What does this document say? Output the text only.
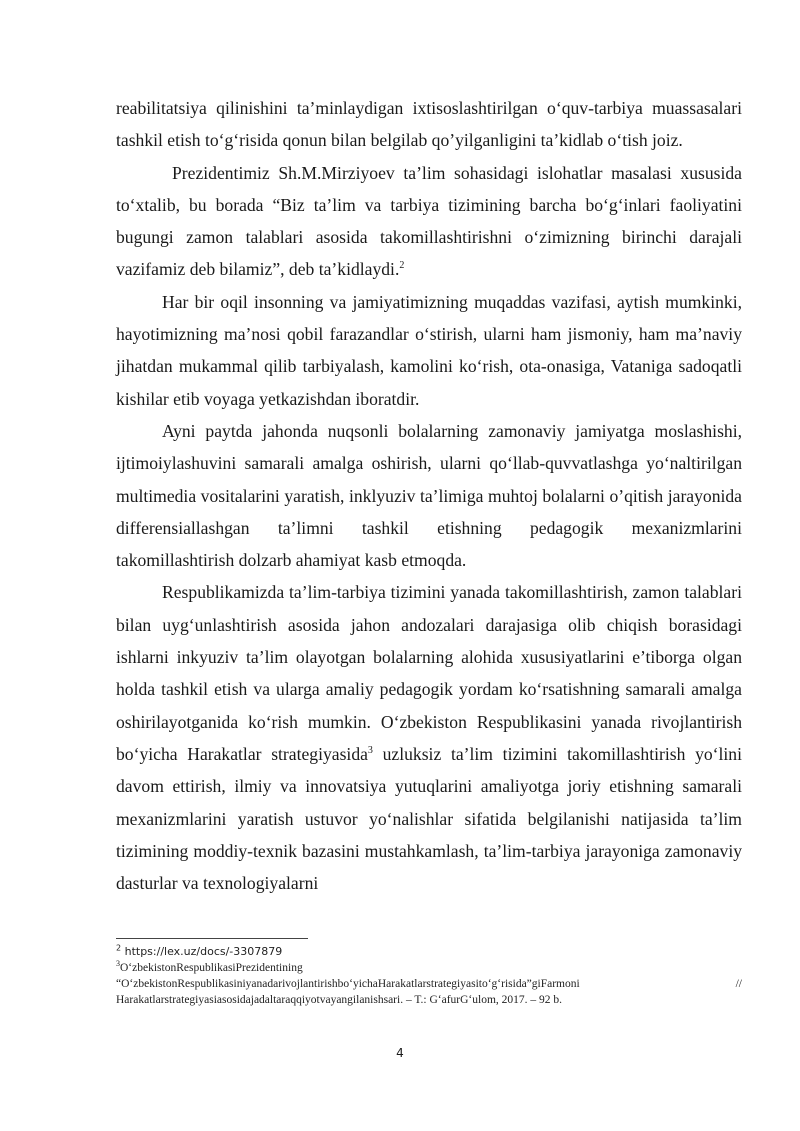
reabilitatsiya qilinishini ta’minlaydigan ixtisoslashtirilgan o‘quv-tarbiya muassasalari tashkil etish to‘g‘risida qonun bilan belgilab qo’yilganligini ta’kidlab o‘tish joiz.

Prezidentimiz Sh.M.Mirziyoev ta’lim sohasidagi islohatlar masalasi xususida to‘xtalib, bu borada “Biz ta’lim va tarbiya tizimining barcha bo‘g‘inlari faoliyatini bugungi zamon talablari asosida takomillashtirishni o‘zimizning birinchi darajali vazifamiz deb bilamiz”, deb ta’kidlaydi.$^2$

Har bir oqil insonning va jamiyatimizning muqaddas vazifasi, aytish mumkinki, hayotimizning ma’nosi qobil farazandlar o‘stirish, ularni ham jismoniy, ham ma’naviy jihatdan mukammal qilib tarbiyalash, kamolini ko‘rish, ota-onasiga, Vataniga sadoqatli kishilar etib voyaga yetkazishdan iboratdir.

Ayni paytda jahonda nuqsonli bolalarning zamonaviy jamiyatga moslashishi, ijtimoiylashuvini samarali amalga oshirish, ularni qo‘llab-quvvatlashga yo‘naltirilgan multimedia vositalarini yaratish, inklyuziv ta’limiga muhtoj bolalarni o’qitish jarayonida differensiallashgan ta’limni tashkil etishning pedagogik mexanizmlarini takomillashtirish dolzarb ahamiyat kasb etmoqda.

Respublikamizda ta’lim-tarbiya tizimini yanada takomillashtirish, zamon talablari bilan uyg‘unlashtirish asosida jahon andozalari darajasiga olib chiqish borasidagi ishlarni inkyuziv ta’lim olayotgan bolalarning alohida xususiyatlarini e’tiborga olgan holda tashkil etish va ularga amaliy pedagogik yordam ko‘rsatishning samarali amalga oshirilayotganida ko‘rish mumkin. O‘zbekiston Respublikasini yanada rivojlantirish bo‘yicha Harakatlar strategiyasida$^3$ uzluksiz ta’lim tizimini takomillashtirish yo‘lini davom ettirish, ilmiy va innovatsiya yutuqlarini amaliyotga joriy etishning samarali mexanizmlarini yaratish ustuvor yo‘nalishlar sifatida belgilanishi natijasida ta’lim tizimining moddiy-texnik bazasini mustahkamlash, ta’lim-tarbiya jarayoniga zamonaviy dasturlar va texnologiyalarni

$^2$ https://lex.uz/docs/-3307879

$^3$O‘zbekistonRespublikasiPrezidentining

“O‘zbekistonRespublikasiniyanadarivojlantirishbo‘yichaHarakatlarstrategiyasito‘g‘risida”giFarmoni	//

Harakatlarstrategiyasiasosidajadaltaraqqiyotvayangilanishsari. – T.: G‘afurG‘ulom, 2017. – 92 b.

4
